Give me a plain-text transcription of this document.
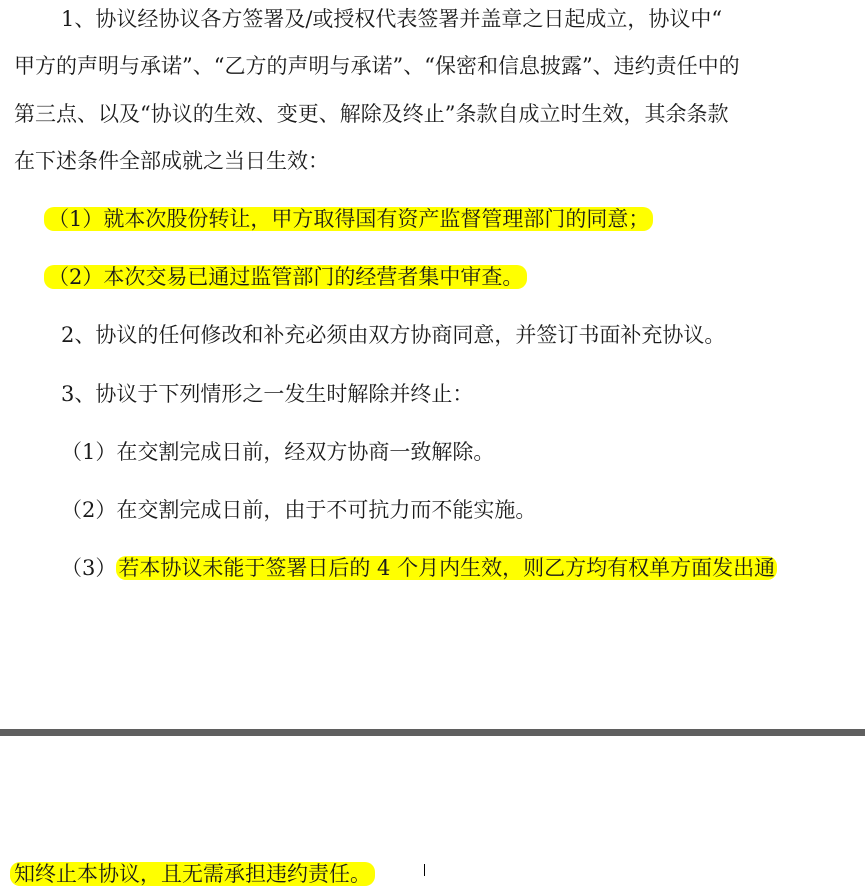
1、协议经协议各方签署及/或授权代表签署并盖章之日起成立，协议中“
甲方的声明与承诺”、“乙方的声明与承诺”、“保密和信息披露”、违约责任中的
第三点、以及“协议的生效、变更、解除及终止”条款自成立时生效，其余条款
在下述条件全部成就之当日生效：
（1）就本次股份转让，甲方取得国有资产监督管理部门的同意；
（2）本次交易已通过监管部门的经营者集中审查。
2、协议的任何修改和补充必须由双方协商同意，并签订书面补充协议。
3、协议于下列情形之一发生时解除并终止：
（1）在交割完成日前，经双方协商一致解除。
（2）在交割完成日前，由于不可抗力而不能实施。
（3）若本协议未能于签署日后的 4 个月内生效，则乙方均有权单方面发出通
知终止本协议，且无需承担违约责任。
